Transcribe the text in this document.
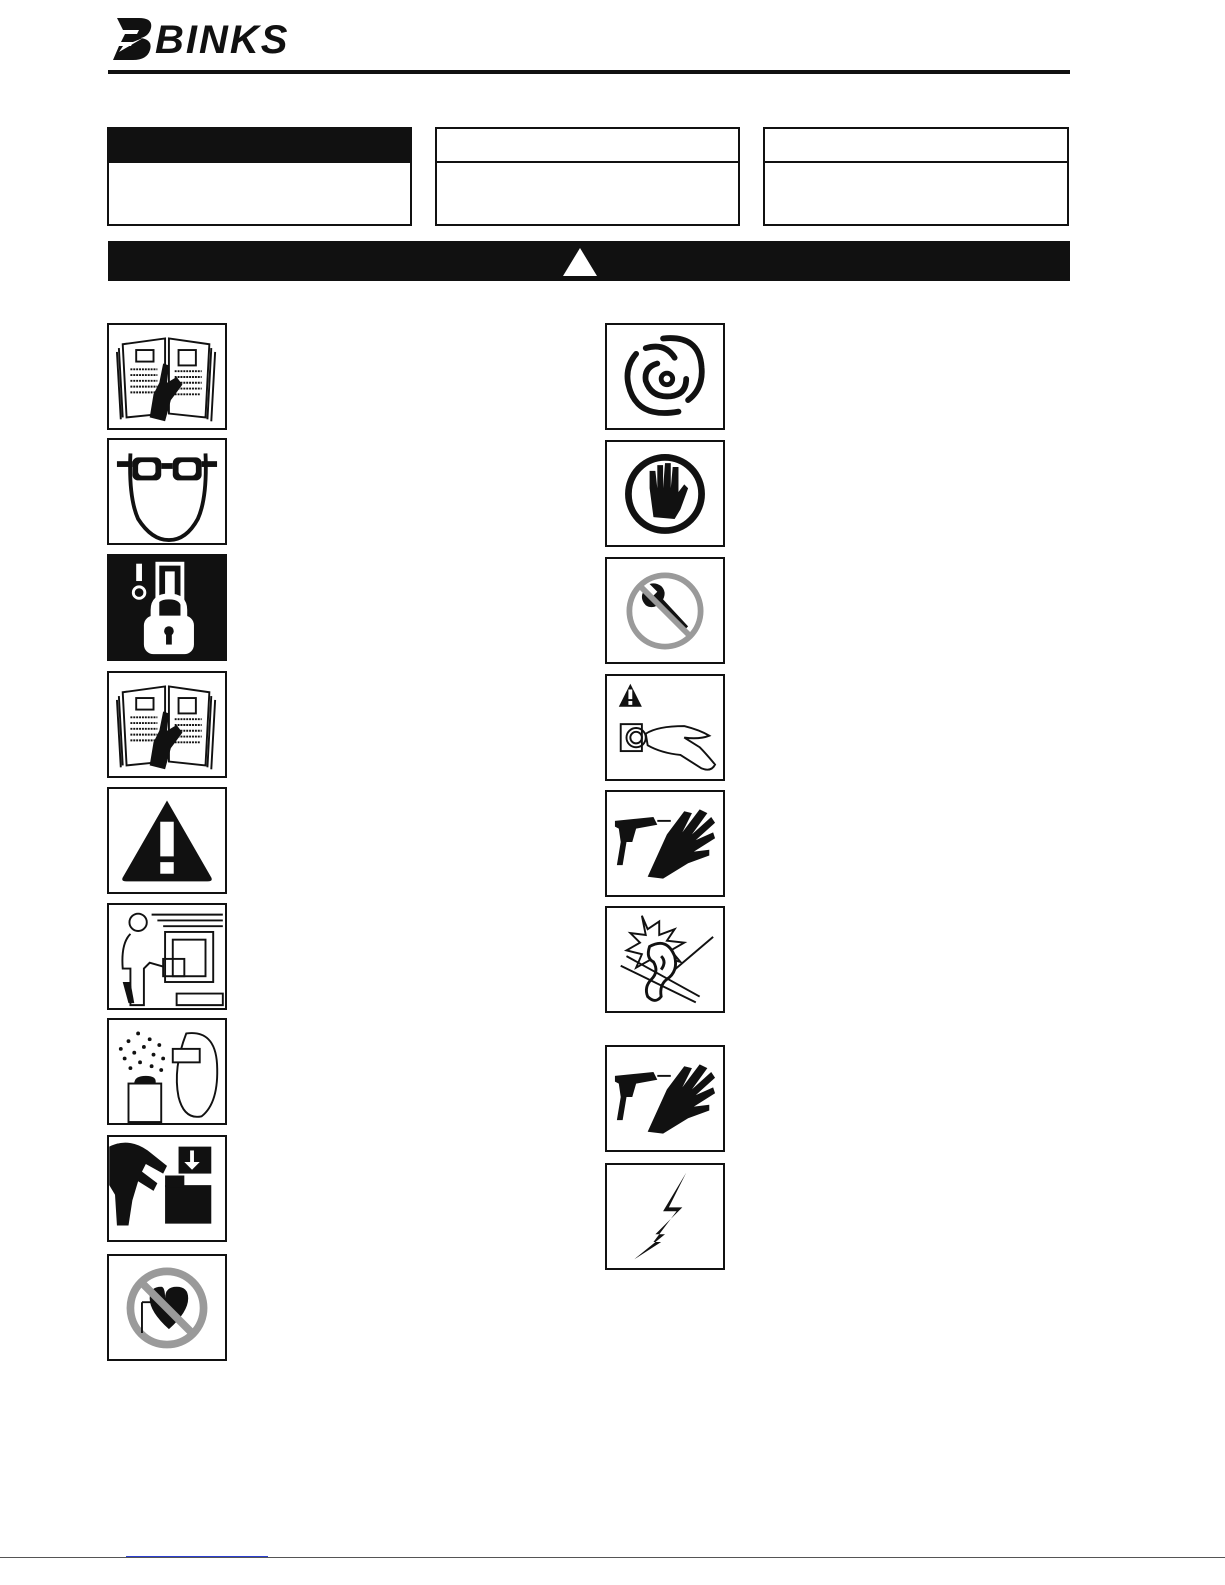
BINKS
